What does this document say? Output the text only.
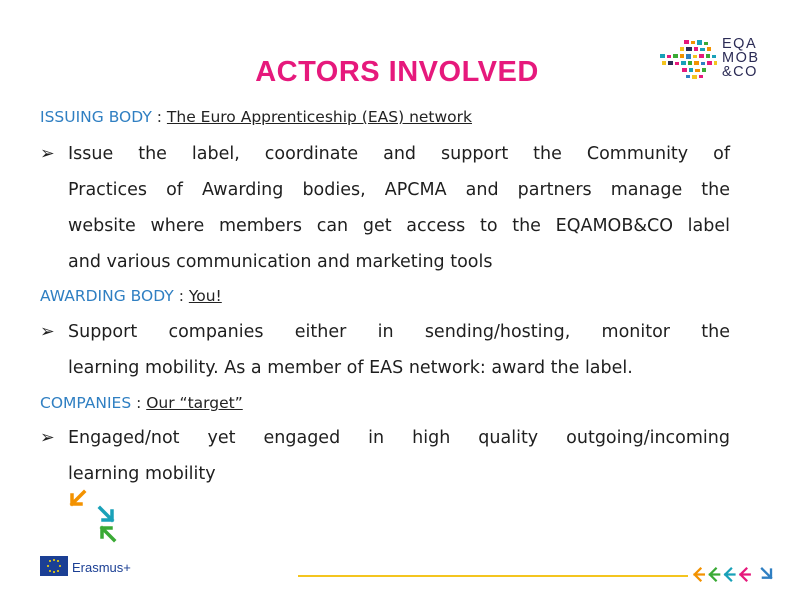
ACTORS INVOLVED
EQA
MOB
&CO
ISSUING BODY : The Euro Apprenticeship (EAS) network
➢ Issue the label, coordinate and support the Community of

Practices of Awarding bodies, APCMA and partners manage the

website where members can get access to the EQAMOB&CO label

and various communication and marketing tools

AWARDING BODY : You!
➢ Support companies either in sending/hosting, monitor the

learning mobility. As a member of EAS network: award the label.

COMPANIES : Our “target”
➢ Engaged/not yet engaged in high quality outgoing/incoming

learning mobility

Erasmus+
